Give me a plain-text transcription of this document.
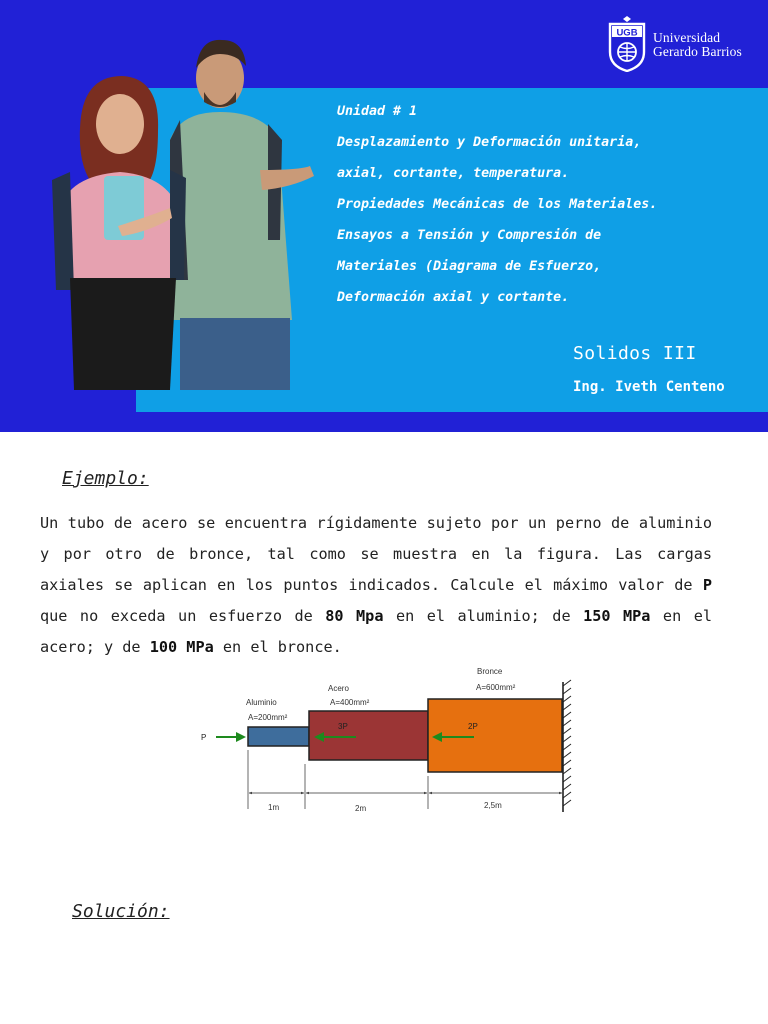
UGB Universidad
Gerardo Barrios
Unidad # 1
Desplazamiento y Deformación unitaria,
axial, cortante, temperatura.
Propiedades Mecánicas de los Materiales.
Ensayos a Tensión y Compresión de
Materiales (Diagrama de Esfuerzo,
Deformación axial y cortante.
Solidos III
Ing. Iveth Centeno
Ejemplo:
Un tubo de acero se encuentra rígidamente sujeto por un perno de aluminio y por otro de bronce, tal como se muestra en la figura. Las cargas axiales se aplican en los puntos indicados. Calcule el máximo valor de P que no exceda un esfuerzo de 80 Mpa en el aluminio; de 150 MPa en el acero; y de 100 MPa en el bronce.
Aluminio
A=200mm²
Acero
A=400mm²
Bronce
A=600mm²
P
3P	2P
1m	2m	2,5m
Solución:
